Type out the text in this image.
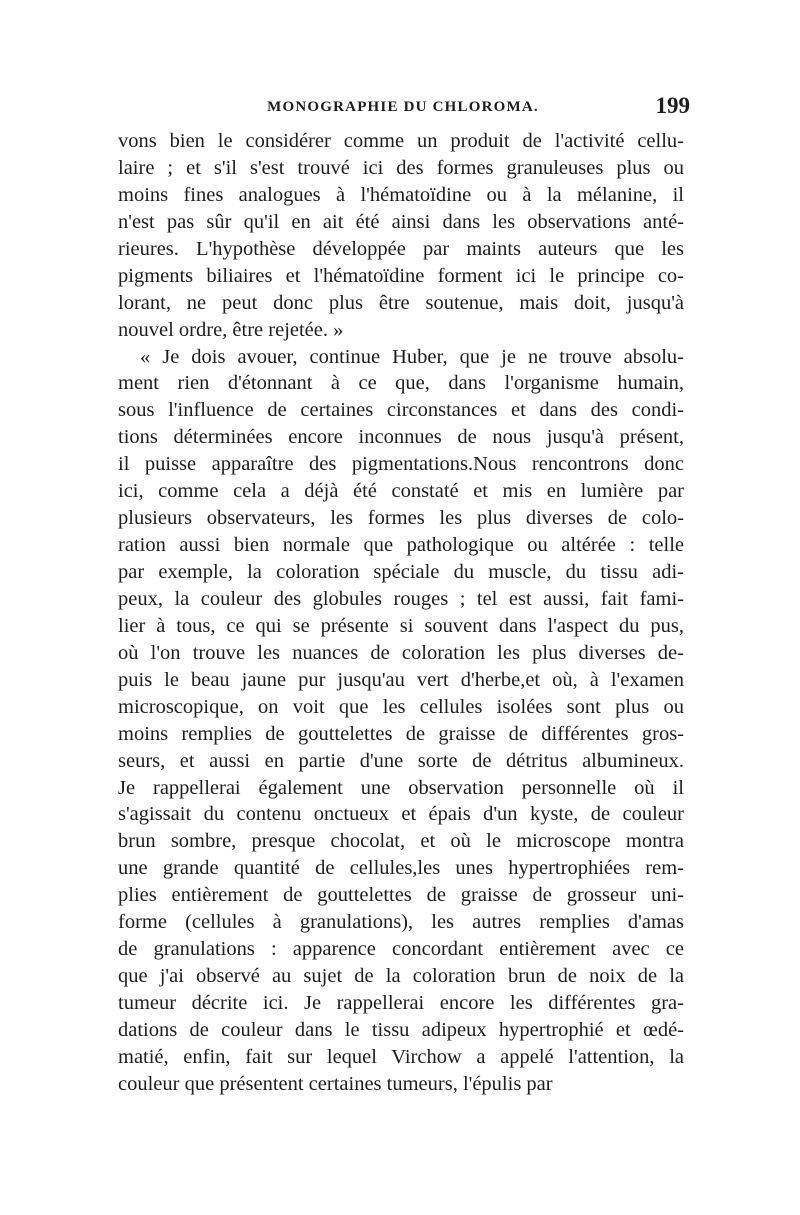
MONOGRAPHIE DU CHLOROMA.	199
vons bien le considérer comme un produit de l'activité cellu-
laire ; et s'il s'est trouvé ici des formes granuleuses plus ou
moins fines analogues à l'hématoïdine ou à la mélanine, il
n'est pas sûr qu'il en ait été ainsi dans les observations anté-
rieures. L'hypothèse développée par maints auteurs que les
pigments biliaires et l'hématoïdine forment ici le principe co-
lorant, ne peut donc plus être soutenue, mais doit, jusqu'à
nouvel ordre, être rejetée. »
« Je dois avouer, continue Huber, que je ne trouve absolu-
ment rien d'étonnant à ce que, dans l'organisme humain,
sous l'influence de certaines circonstances et dans des condi-
tions déterminées encore inconnues de nous jusqu'à présent,
il puisse apparaître des pigmentations.Nous rencontrons donc
ici, comme cela a déjà été constaté et mis en lumière par
plusieurs observateurs, les formes les plus diverses de colo-
ration aussi bien normale que pathologique ou altérée : telle
par exemple, la coloration spéciale du muscle, du tissu adi-
peux, la couleur des globules rouges ; tel est aussi, fait fami-
lier à tous, ce qui se présente si souvent dans l'aspect du pus,
où l'on trouve les nuances de coloration les plus diverses de-
puis le beau jaune pur jusqu'au vert d'herbe,et où, à l'examen
microscopique, on voit que les cellules isolées sont plus ou
moins remplies de gouttelettes de graisse de différentes gros-
seurs, et aussi en partie d'une sorte de détritus albumineux.
Je rappellerai également une observation personnelle où il
s'agissait du contenu onctueux et épais d'un kyste, de couleur
brun sombre, presque chocolat, et où le microscope montra
une grande quantité de cellules,les unes hypertrophiées rem-
plies entièrement de gouttelettes de graisse de grosseur uni-
forme (cellules à granulations), les autres remplies d'amas
de granulations : apparence concordant entièrement avec ce
que j'ai observé au sujet de la coloration brun de noix de la
tumeur décrite ici. Je rappellerai encore les différentes gra-
dations de couleur dans le tissu adipeux hypertrophié et œdé-
matié, enfin, fait sur lequel Virchow a appelé l'attention, la
couleur que présentent certaines tumeurs, l'épulis par
